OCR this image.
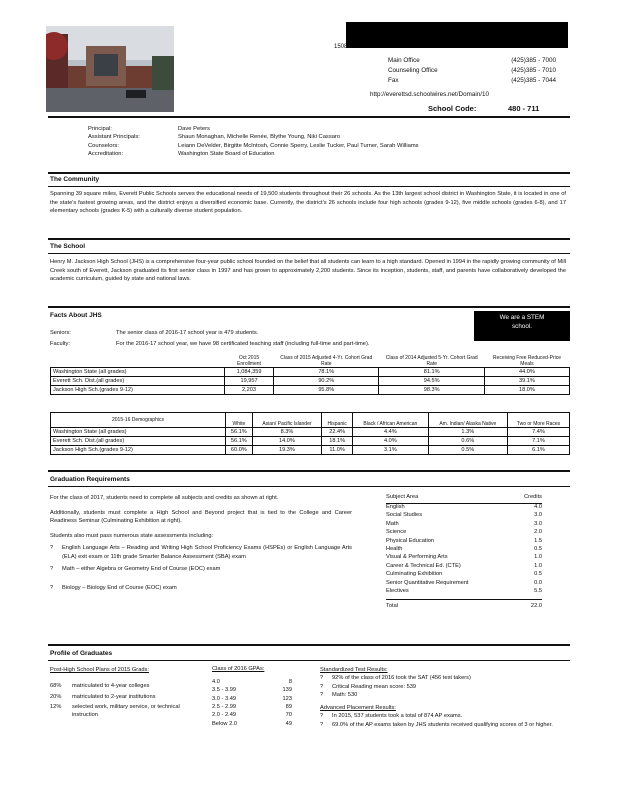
1508 ...
Main Office	(425)385 - 7000
Counseling Office	(425)385 - 7010
Fax	(425)385 - 7044
http://everettsd.schoolwires.net/Domain/10
School Code:	480 - 711
Principal:	Dave Peters
Assistant Principals:	Shaun Monaghan, Michelle Renée, Blythe Young, Niki Cassaro
Counselors:	Leiann DeVelder, Birgitte McIntosh, Connie Sperry, Leslie Tucker, Paul Turner, Sarah Williams
Accreditation:	Washington State Board of Education
The Community
Spanning 39 square miles, Everett Public Schools serves the educational needs of 19,500 students throughout their 26 schools. As the 13th largest school district in Washington State, it is located in one of the state's fastest growing areas, and the district enjoys a diversified economic base. Currently, the district's 26 schools include four high schools (grades 9-12), five middle schools (grades 6-8), and 17 elementary schools (grades K-5) with a culturally diverse student population.
The School
Henry M. Jackson High School (JHS) is a comprehensive four-year public school founded on the belief that all students can learn to a high standard. Opened in 1994 in the rapidly growing community of Mill Creek south of Everett, Jackson graduated its first senior class in 1997 and has grown to approximately 2,200 students. Since its inception, students, staff, and parents have collaboratively developed the academic curriculum, guided by state and national laws.
Facts About JHS	We are a STEM
school.
Seniors:	The senior class of 2016-17 school year is 479 students.
Faculty:	For the 2016-17 school year, we have 98 certificated teaching staff (including full-time and part-time).
	Oct 2015 Enrollment	Class of 2015 Adjusted 4-Yr. Cohort Grad Rate	Class of 2014 Adjusted 5-Yr. Cohort Grad Rate	Receiving Free Reduced-Price Meals
Washington State (all grades)	1,084,359	78.1%	81.1%	44.0%
Everett Sch. Dist.(all grades)	19,957	90.2%	94.5%	39.1%
Jackson High Sch.(grades 9-12)	2,203	95.8%	98.3%	18.0%
2015-16 Demographics	White	Asian/ Pacific Islander	Hispanic	Black / African American	Am. Indian/ Alaska Native	Two or More Races
Washington State (all grades)	56.1%	8.3%	22.4%	4.4%	1.3%	7.4%
Everett Sch. Dist.(all grades)	56.1%	14.0%	18.1%	4.0%	0.6%	7.1%
Jackson High Sch.(grades 9-12)	60.0%	19.3%	11.0%	3.1%	0.5%	6.1%
Graduation Requirements
For the class of 2017, students need to complete all subjects and credits as shown at right.
Additionally, students must complete a High School and Beyond project that is tied to the College and Career Readiness Seminar (Culminating Exhibition at right).
Students also must pass numerous state assessments including:
?	English Language Arts – Reading and Writing High School Proficiency Exams (HSPEs) or English Language Arts (ELA) exit exam or 11th grade Smarter Balance Assessment (SBA) exam
?	Math – either Algebra or Geometry End of Course (EOC) exam
?	Biology – Biology End of Course (EOC) exam
Subject Area	Credits
English	4.0
Social Studies	3.0
Math	3.0
Science	2.0
Physical Education	1.5
Health	0.5
Visual & Performing Arts	1.0
Career & Technical Ed. (CTE)	1.0
Culminating Exhibition	0.5
Senior Quantitative Requirement	0.0
Electives	5.5
Total	22.0
Profile of Graduates
Post-High School Plans of 2015 Grads:
68%	matriculated to 4-year colleges
20%	matriculated to 2-year institutions
12%	selected work, military service, or technical instruction
Class of 2016 GPAs:
4.0	8
3.5 - 3.99	139
3.0 - 3.49	123
2.5 - 2.99	89
2.0 - 2.49	70
Below 2.0	49
Standardized Test Results:
?	92% of the class of 2016 took the SAT (456 test takers)
?	Critical Reading mean score: 539
?	Math: 530
Advanced Placement Results:
?	In 2015, 537 students took a total of 874 AP exams.
?	69.0% of the AP exams taken by JHS students received qualifying scores of 3 or higher.
